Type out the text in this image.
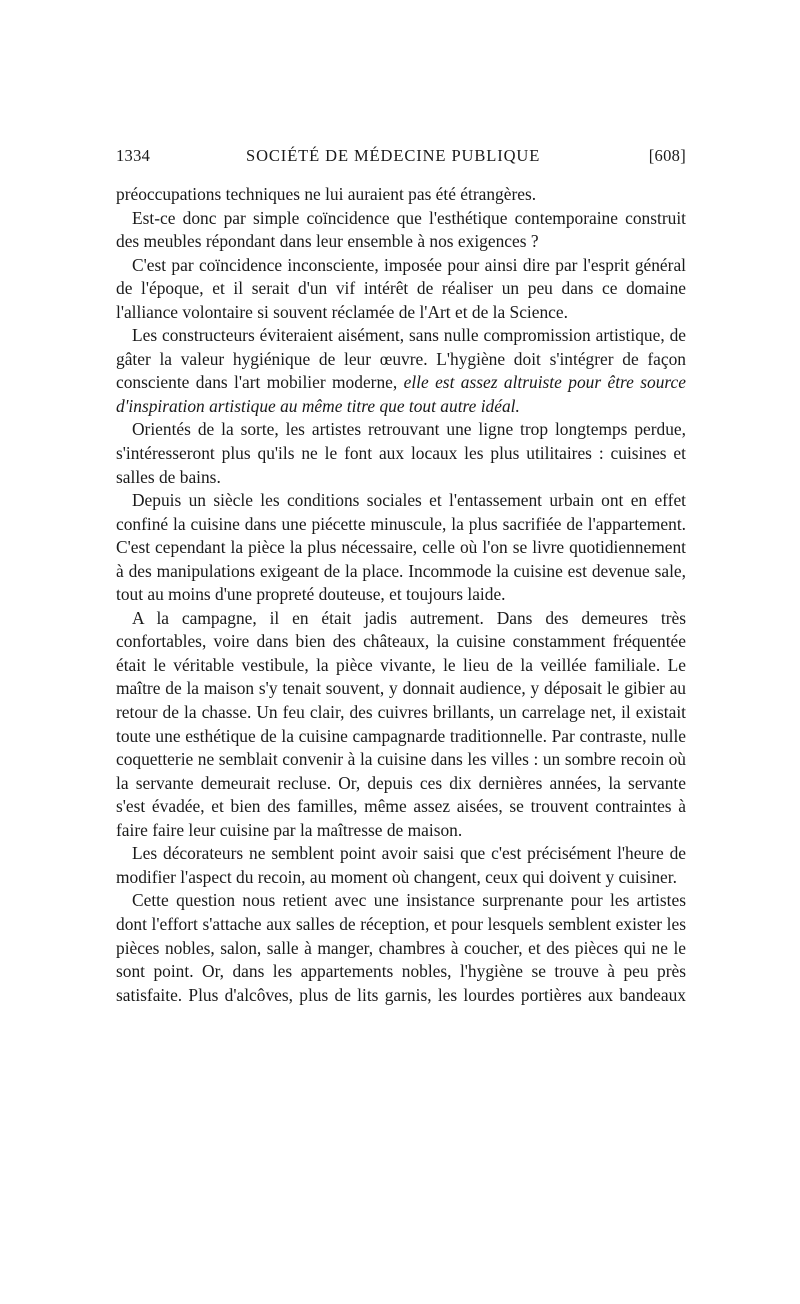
1334	SOCIÉTÉ DE MÉDECINE PUBLIQUE	[608]

préoccupations techniques ne lui auraient pas été étrangères.

Est-ce donc par simple coïncidence que l'esthétique contemporaine construit des meubles répondant dans leur ensemble à nos exigences ?

C'est par coïncidence inconsciente, imposée pour ainsi dire par l'esprit général de l'époque, et il serait d'un vif intérêt de réaliser un peu dans ce domaine l'alliance volontaire si souvent réclamée de l'Art et de la Science.

Les constructeurs éviteraient aisément, sans nulle compromission artistique, de gâter la valeur hygiénique de leur œuvre. L'hygiène doit s'intégrer de façon consciente dans l'art mobilier moderne, elle est assez altruiste pour être source d'inspiration artistique au même titre que tout autre idéal.

Orientés de la sorte, les artistes retrouvant une ligne trop longtemps perdue, s'intéresseront plus qu'ils ne le font aux locaux les plus utilitaires : cuisines et salles de bains.

Depuis un siècle les conditions sociales et l'entassement urbain ont en effet confiné la cuisine dans une piécette minuscule, la plus sacrifiée de l'appartement. C'est cependant la pièce la plus nécessaire, celle où l'on se livre quotidiennement à des manipulations exigeant de la place. Incommode la cuisine est devenue sale, tout au moins d'une propreté douteuse, et toujours laide.

A la campagne, il en était jadis autrement. Dans des demeures très confortables, voire dans bien des châteaux, la cuisine constamment fréquentée était le véritable vestibule, la pièce vivante, le lieu de la veillée familiale. Le maître de la maison s'y tenait souvent, y donnait audience, y déposait le gibier au retour de la chasse. Un feu clair, des cuivres brillants, un carrelage net, il existait toute une esthétique de la cuisine campagnarde traditionnelle. Par contraste, nulle coquetterie ne semblait convenir à la cuisine dans les villes : un sombre recoin où la servante demeurait recluse. Or, depuis ces dix dernières années, la servante s'est évadée, et bien des familles, même assez aisées, se trouvent contraintes à faire faire leur cuisine par la maîtresse de maison.

Les décorateurs ne semblent point avoir saisi que c'est précisément l'heure de modifier l'aspect du recoin, au moment où changent, ceux qui doivent y cuisiner.

Cette question nous retient avec une insistance surprenante pour les artistes dont l'effort s'attache aux salles de réception, et pour lesquels semblent exister les pièces nobles, salon, salle à manger, chambres à coucher, et des pièces qui ne le sont point. Or, dans les appartements nobles, l'hygiène se trouve à peu près satisfaite. Plus d'alcôves, plus de lits garnis, les lourdes portières aux bandeaux
